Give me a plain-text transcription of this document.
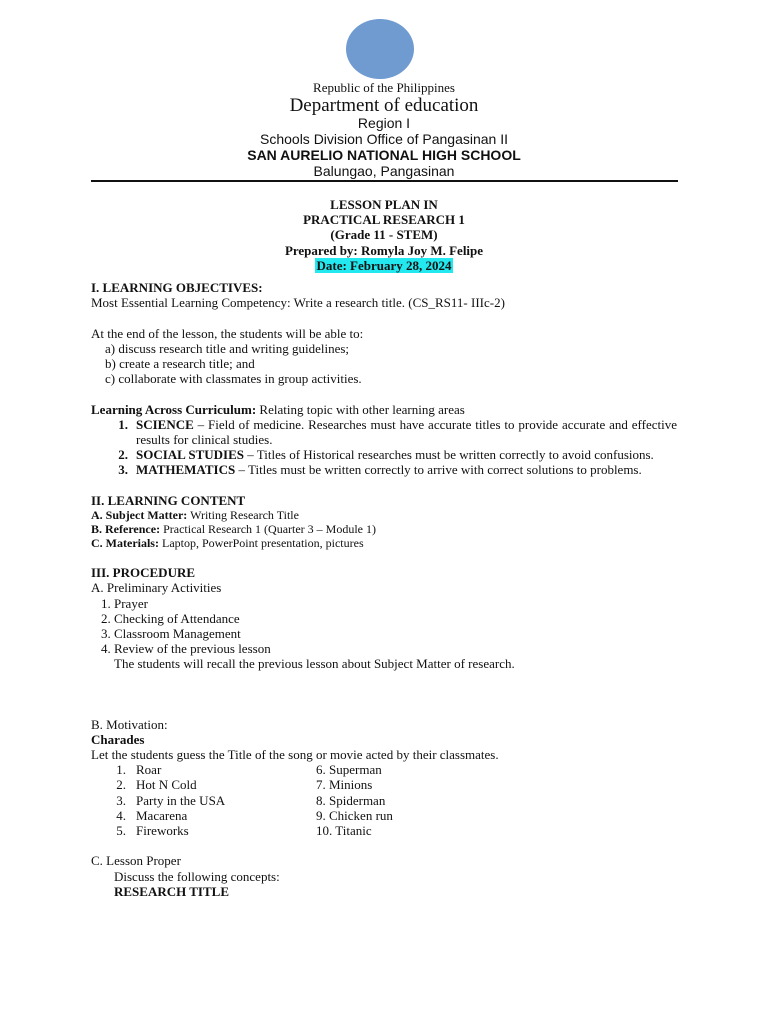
Republic of the Philippines
Department of education
Region I
Schools Division Office of Pangasinan II
SAN AURELIO NATIONAL HIGH SCHOOL
Balungao, Pangasinan
LESSON PLAN IN
PRACTICAL RESEARCH 1
(Grade 11 - STEM)
Prepared by: Romyla Joy M. Felipe
Date: February 28, 2024

I. LEARNING OBJECTIVES:

Most Essential Learning Competency: Write a research title. (CS_RS11- IIIc-2)

At the end of the lesson, the students will be able to:

a) discuss research title and writing guidelines;

b) create a research title; and

c) collaborate with classmates in group activities.

Learning Across Curriculum: Relating topic with other learning areas

1. SCIENCE – Field of medicine. Researches must have accurate titles to provide accurate and effective results for clinical studies.
2. SOCIAL STUDIES – Titles of Historical researches must be written correctly to avoid confusions.
3. MATHEMATICS – Titles must be written correctly to arrive with correct solutions to problems.

II. LEARNING CONTENT

A. Subject Matter: Writing Research Title

B. Reference: Practical Research 1 (Quarter 3 – Module 1)

C. Materials: Laptop, PowerPoint presentation, pictures

III. PROCEDURE

A. Preliminary Activities

1. Prayer

2. Checking of Attendance

3. Classroom Management

4. Review of the previous lesson

The students will recall the previous lesson about Subject Matter of research.

B. Motivation:

Charades

Let the students guess the Title of the song or movie acted by their classmates.

1. Roar
2. Hot N Cold
3. Party in the USA
4. Macarena
5. Fireworks
6. Superman
7. Minions
8. Spiderman
9. Chicken run
10. Titanic

C. Lesson Proper

Discuss the following concepts:

RESEARCH TITLE
